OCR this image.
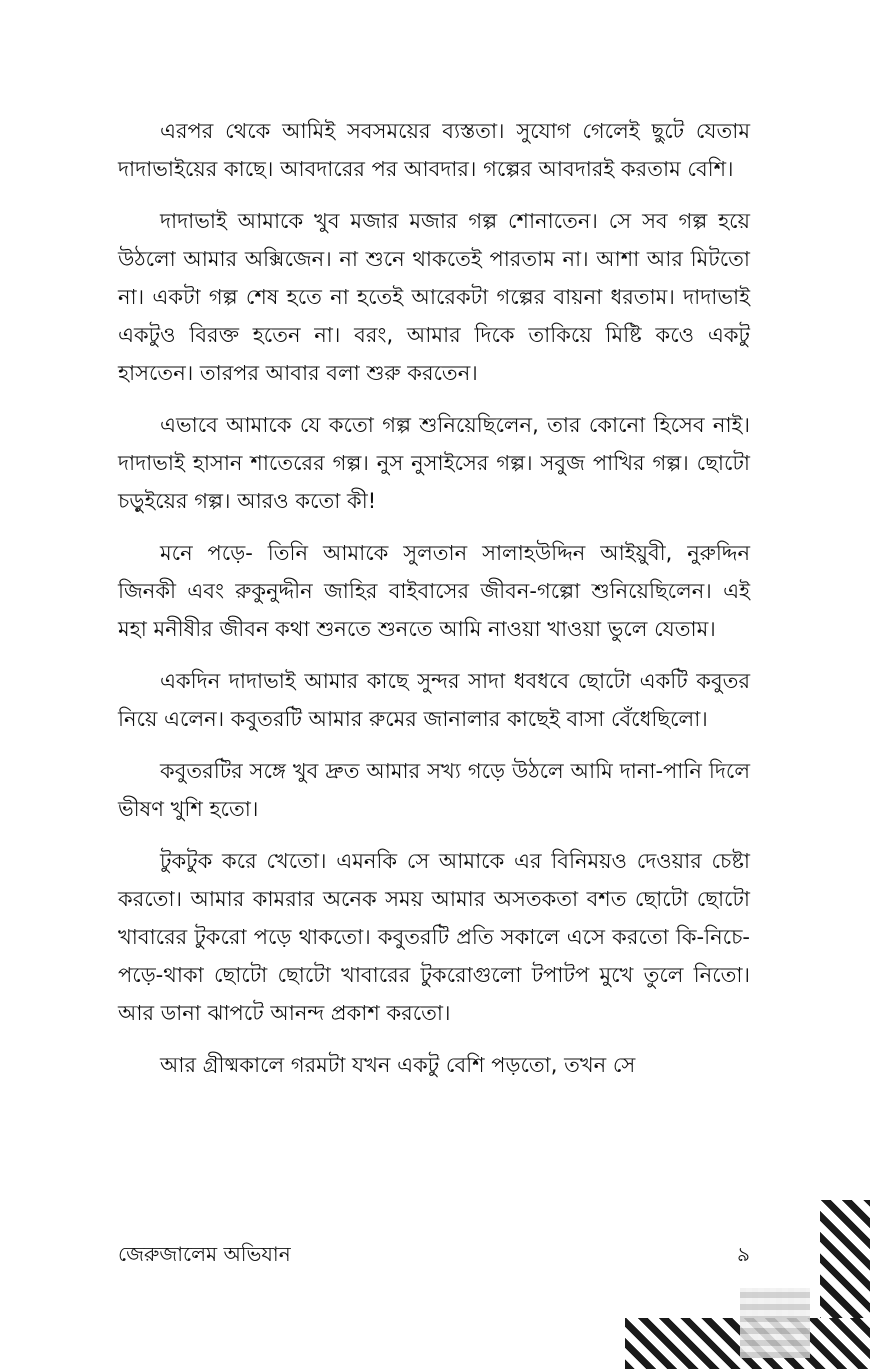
এরপর থেকে আমিই সবসময়ের ব্যস্ততা। সুযোগ গেলেই ছুটে যেতাম দাদাভাইয়ের কাছে। আবদারের পর আবদার। গল্পের আবদারই করতাম বেশি।

দাদাভাই আমাকে খুব মজার মজার গল্প শোনাতেন। সে সব গল্প হয়ে উঠলো আমার অক্সিজেন। না শুনে থাকতেই পারতাম না। আশা আর মিটতো না। একটা গল্প শেষ হতে না হতেই আরেকটা গল্পের বায়না ধরতাম। দাদাভাই একটুও বিরক্ত হতেন না। বরং, আমার দিকে তাকিয়ে মিষ্টি কওে একটু হাসতেন। তারপর আবার বলা শুরু করতেন।

এভাবে আমাকে যে কতো গল্প শুনিয়েছিলেন, তার কোনো হিসেব নাই। দাদাভাই হাসান শাতেরের গল্প। নুস নুসাইসের গল্প। সবুজ পাখির গল্প। ছোটো চড়ুইয়ের গল্প। আরও কতো কী!

মনে পড়ে- তিনি আমাকে সুলতান সালাহউদ্দিন আইয়ুবী, নুরুদ্দিন জিনকী এবং রুকুনুদ্দীন জাহির বাইবাসের জীবন-গল্পো শুনিয়েছিলেন। এই মহা মনীষীর জীবন কথা শুনতে শুনতে আমি নাওয়া খাওয়া ভুলে যেতাম।

একদিন দাদাভাই আমার কাছে সুন্দর সাদা ধবধবে ছোটো একটি কবুতর নিয়ে এলেন। কবুতরটি আমার রুমের জানালার কাছেই বাসা বেঁধেছিলো।

কবুতরটির সঙ্গে খুব দ্রুত আমার সখ্য গড়ে উঠলে আমি দানা-পানি দিলে ভীষণ খুশি হতো।

টুকটুক করে খেতো। এমনকি সে আমাকে এর বিনিময়ও দেওয়ার চেষ্টা করতো। আমার কামরার অনেক সময় আমার অসতকতা বশত ছোটো ছোটো খাবারের টুকরো পড়ে থাকতো। কবুতরটি প্রতি সকালে এসে করতো কি-নিচে-পড়ে-থাকা ছোটো ছোটো খাবারের টুকরোগুলো টপাটপ মুখে তুলে নিতো। আর ডানা ঝাপটে আনন্দ প্রকাশ করতো।

আর গ্রীষ্মকালে গরমটা যখন একটু বেশি পড়তো, তখন সে

জেরুজালেম অভিযান	৯
